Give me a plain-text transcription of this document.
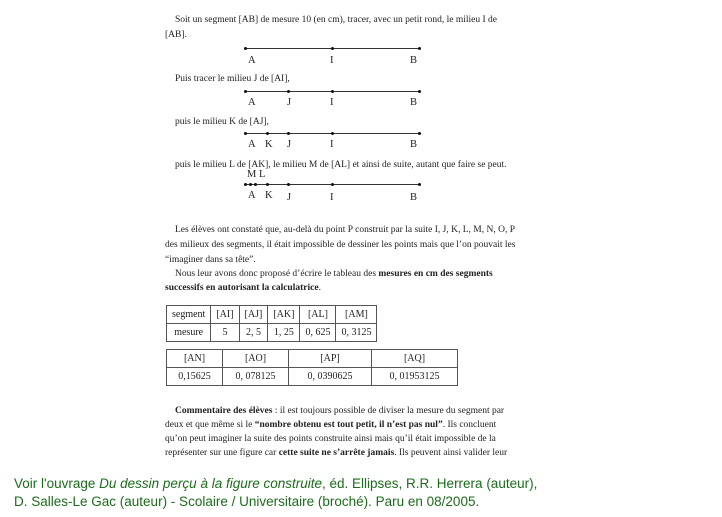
Soit un segment [AB] de mesure 10 (en cm), tracer, avec un petit rond, le milieu I de
[AB].
A	I	B
Puis tracer le milieu J de [AI],
A	J	I	B
puis le milieu K de [AJ],
A K J	I	B
puis le milieu L de [AK], le milieu M de [AL] et ainsi de suite, autant que faire se peut.
M L
A K J	I	B
Les élèves ont constaté que, au-delà du point P construit par la suite I, J, K, L, M, N, O, P
des milieux des segments, il était impossible de dessiner les points mais que l’on pouvait les
“imaginer dans sa tête”.
Nous leur avons donc proposé d’écrire le tableau des mesures en cm des segments
successifs en autorisant la calculatrice.
segment	[AI]	[AJ]	[AK]	[AL]	[AM]
mesure	5	2, 5	1, 25	0, 625	0, 3125
[AN]	[AO]	[AP]	[AQ]
0,15625	0, 078125	0, 0390625	0, 01953125
Commentaire des élèves : il est toujours possible de diviser la mesure du segment par
deux et que même si le “nombre obtenu est tout petit, il n’est pas nul”. Ils concluent
qu’on peut imaginer la suite des points construite ainsi mais qu’il était impossible de la
représenter sur une figure car cette suite ne s’arrête jamais. Ils peuvent ainsi valider leur
Voir l'ouvrage Du dessin perçu à la figure construite, éd. Ellipses, R.R. Herrera (auteur),
D. Salles-Le Gac (auteur) - Scolaire / Universitaire (broché). Paru en 08/2005.
